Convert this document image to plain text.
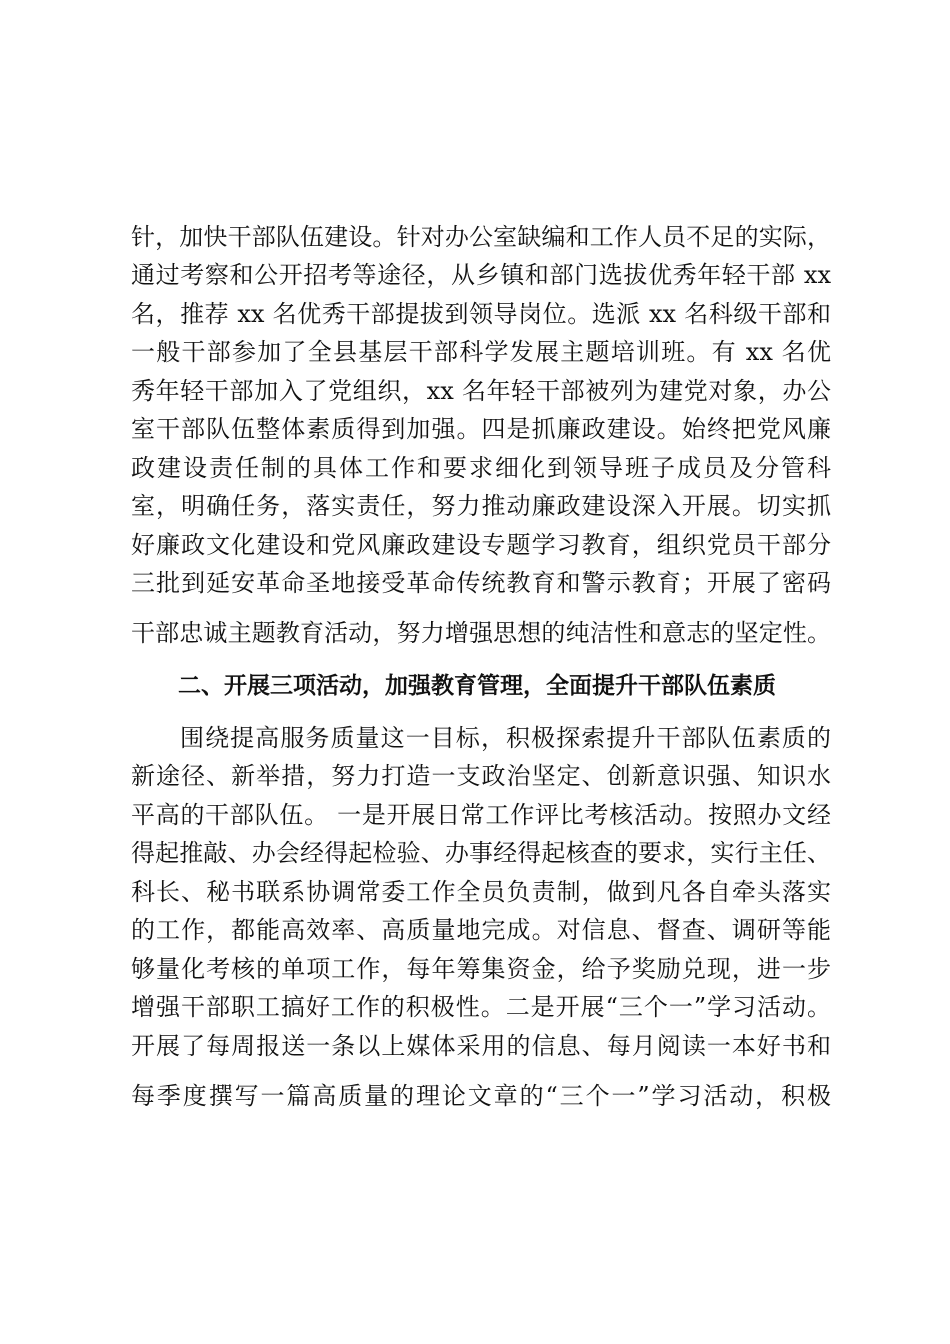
针，加快干部队伍建设。针对办公室缺编和工作人员不足的实际，
通过考察和公开招考等途径，从乡镇和部门选拔优秀年轻干部 xx
名，推荐 xx 名优秀干部提拔到领导岗位。选派 xx 名科级干部和
一般干部参加了全县基层干部科学发展主题培训班。有 xx 名优
秀年轻干部加入了党组织，xx 名年轻干部被列为建党对象，办公
室干部队伍整体素质得到加强。四是抓廉政建设。始终把党风廉
政建设责任制的具体工作和要求细化到领导班子成员及分管科
室，明确任务，落实责任，努力推动廉政建设深入开展。切实抓
好廉政文化建设和党风廉政建设专题学习教育，组织党员干部分
三批到延安革命圣地接受革命传统教育和警示教育；开展了密码
干部忠诚主题教育活动，努力增强思想的纯洁性和意志的坚定性。
二、开展三项活动，加强教育管理，全面提升干部队伍素质
围绕提高服务质量这一目标，积极探索提升干部队伍素质的
新途径、新举措，努力打造一支政治坚定、创新意识强、知识水
平高的干部队伍。 一是开展日常工作评比考核活动。按照办文经
得起推敲、办会经得起检验、办事经得起核查的要求，实行主任、
科长、秘书联系协调常委工作全员负责制，做到凡各自牵头落实
的工作，都能高效率、高质量地完成。对信息、督查、调研等能
够量化考核的单项工作，每年筹集资金，给予奖励兑现，进一步
增强干部职工搞好工作的积极性。二是开展“三个一”学习活动。
开展了每周报送一条以上媒体采用的信息、每月阅读一本好书和
每季度撰写一篇高质量的理论文章的“三个一”学习活动，积极
